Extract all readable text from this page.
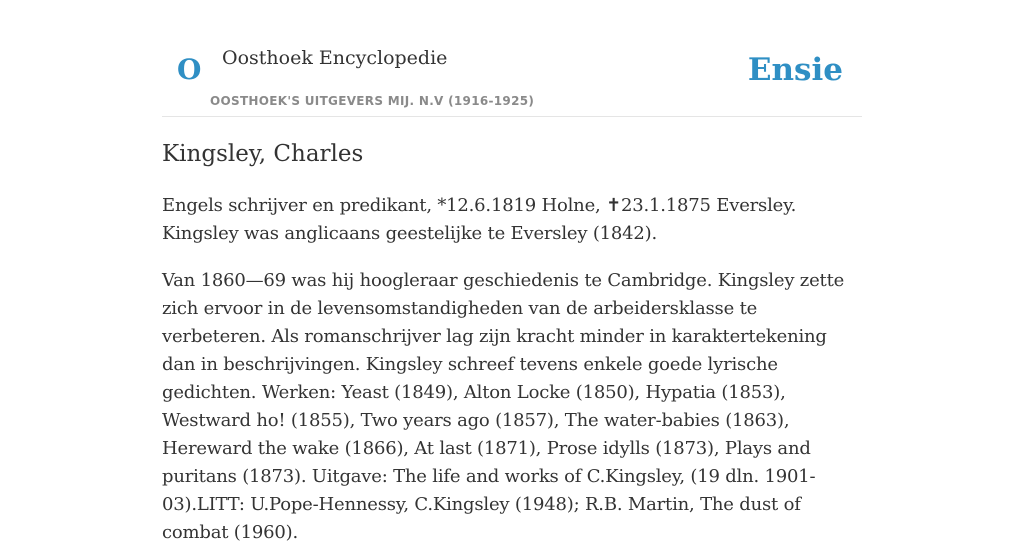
O Oosthoek Encyclopedie
OOSTHOEK'S UITGEVERS MIJ. N.V (1916-1925)
Ensie
Kingsley, Charles

Engels schrijver en predikant, *12.6.1819 Holne, ✝23.1.1875 Eversley. Kingsley was anglicaans geestelijke te Eversley (1842).

Van 1860—69 was hij hoogleraar geschiedenis te Cambridge. Kingsley zette zich ervoor in de levensomstandigheden van de arbeidersklasse te verbeteren. Als romanschrijver lag zijn kracht minder in karaktertekening dan in beschrijvingen. Kingsley schreef tevens enkele goede lyrische gedichten. Werken: Yeast (1849), Alton Locke (1850), Hypatia (1853), Westward ho! (1855), Two years ago (1857), The water-babies (1863), Hereward the wake (1866), At last (1871), Prose idylls (1873), Plays and puritans (1873). Uitgave: The life and works of C.Kingsley, (19 dln. 1901-03).LITT: U.Pope-Hennessy, C.Kingsley (1948); R.B. Martin, The dust of combat (1960).
